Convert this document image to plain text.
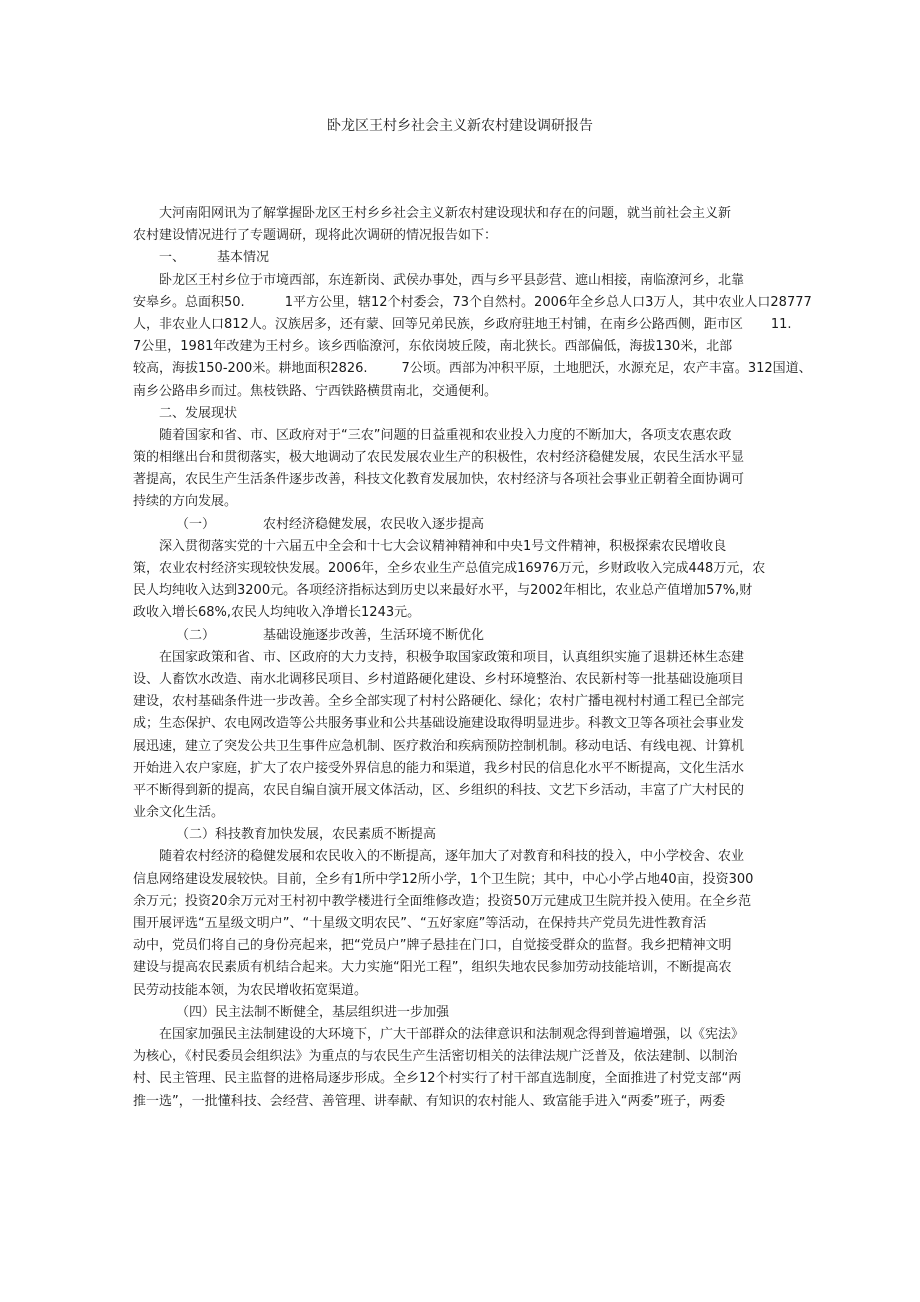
卧龙区王村乡社会主义新农村建设调研报告
大河南阳网讯为了解掌握卧龙区王村乡乡社会主义新农村建设现状和存在的问题，就当前社会主义新
农村建设情况进行了专题调研，现将此次调研的情况报告如下：
一、 基本情况
卧龙区王村乡位于市境西部，东连新岗、武侯办事处，西与乡平县彭营、遮山相接，南临潦河乡，北靠
安皋乡。总面积50.	1平方公里，辖12个村委会，73个自然村。2006年全乡总人口3万人，其中农业人口28777
人，非农业人口812人。汉族居多，还有蒙、回等兄弟民族，乡政府驻地王村铺，在南乡公路西侧，距市区 11.
7公里，1981年改建为王村乡。该乡西临潦河，东依岗坡丘陵，南北狭长。西部偏低，海拔130米，北部
较高，海拔150-200米。耕地面积2826.	7公顷。西部为冲积平原，土地肥沃，水源充足，农产丰富。312国道、
南乡公路串乡而过。焦枝铁路、宁西铁路横贯南北，交通便利。
二、发展现状
随着国家和省、市、区政府对于“三农”问题的日益重视和农业投入力度的不断加大，各项支农惠农政
策的相继出台和贯彻落实，极大地调动了农民发展农业生产的积极性，农村经济稳健发展，农民生活水平显
著提高，农民生产生活条件逐步改善，科技文化教育发展加快，农村经济与各项社会事业正朝着全面协调可
持续的方向发展。
（一）	农村经济稳健发展，农民收入逐步提高
深入贯彻落实党的十六届五中全会和十七大会议精神精神和中央1号文件精神，积极探索农民增收良
策，农业农村经济实现较快发展。2006年，全乡农业生产总值完成16976万元，乡财政收入完成448万元，农
民人均纯收入达到3200元。各项经济指标达到历史以来最好水平，与2002年相比，农业总产值增加57%,财
政收入增长68%,农民人均纯收入净增长1243元。
（二）	基础设施逐步改善，生活环境不断优化
在国家政策和省、市、区政府的大力支持，积极争取国家政策和项目，认真组织实施了退耕还林生态建
设、人畜饮水改造、南水北调移民项目、乡村道路硬化建设、乡村环境整治、农民新村等一批基础设施项目
建设，农村基础条件进一步改善。全乡全部实现了村村公路硬化、绿化；农村广播电视村村通工程已全部完
成；生态保护、农电网改造等公共服务事业和公共基础设施建设取得明显进步。科教文卫等各项社会事业发
展迅速，建立了突发公共卫生事件应急机制、医疗救治和疾病预防控制机制。移动电话、有线电视、计算机
开始进入农户家庭，扩大了农户接受外界信息的能力和渠道，我乡村民的信息化水平不断提高，文化生活水
平不断得到新的提高，农民自编自演开展文体活动，区、乡组织的科技、文艺下乡活动，丰富了广大村民的
业余文化生活。
（二）科技教育加快发展，农民素质不断提高
随着农村经济的稳健发展和农民收入的不断提高，逐年加大了对教育和科技的投入，中小学校舍、农业
信息网络建设发展较快。目前，全乡有1所中学12所小学，1个卫生院；其中，中心小学占地40亩，投资300
余万元；投资20余万元对王村初中教学楼进行全面维修改造；投资50万元建成卫生院并投入使用。在全乡范
围开展评选“五星级文明户”、“十星级文明农民”、“五好家庭”等活动，在保持共产党员先进性教育活
动中，党员们将自己的身份亮起来，把“党员户”牌子悬挂在门口，自觉接受群众的监督。我乡把精神文明
建设与提高农民素质有机结合起来。大力实施“阳光工程”，组织失地农民参加劳动技能培训，不断提高农
民劳动技能本领，为农民增收拓宽渠道。
（四）民主法制不断健全，基层组织进一步加强
在国家加强民主法制建设的大环境下，广大干部群众的法律意识和法制观念得到普遍增强，以《宪法》
为核心，《村民委员会组织法》为重点的与农民生产生活密切相关的法律法规广泛普及，依法建制、以制治
村、民主管理、民主监督的进格局逐步形成。全乡12个村实行了村干部直选制度，全面推进了村党支部“两
推一选”，一批懂科技、会经营、善管理、讲奉献、有知识的农村能人、致富能手进入“两委”班子，两委
